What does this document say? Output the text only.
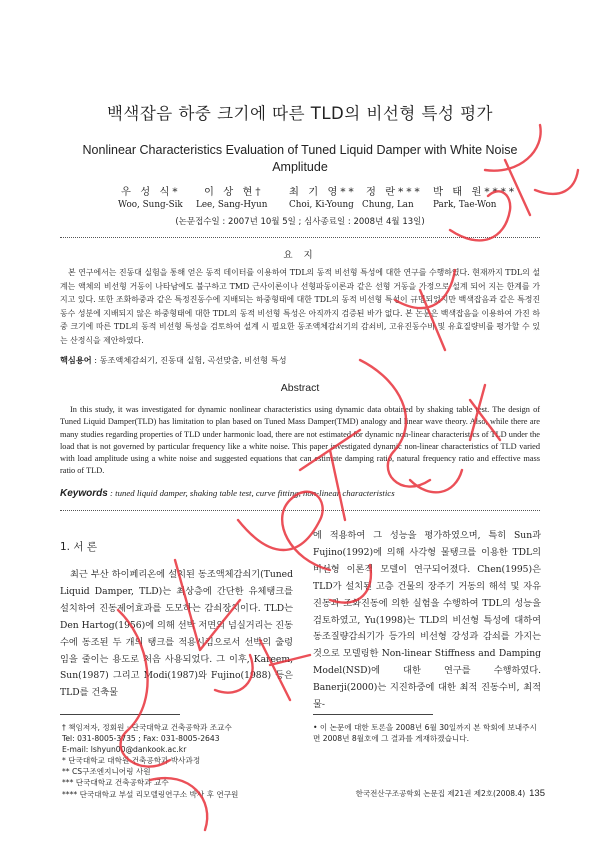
백색잡음 하중 크기에 따른 TLD의 비선형 특성 평가
Nonlinear Characteristics Evaluation of Tuned Liquid Damper with White Noise Amplitude
우 성 식* 이 상 현† 최 기 영** 정 란*** 박 태 원****
Woo, Sung-Sik Lee, Sang-Hyun Choi, Ki-Young Chung, Lan Park, Tae-Won
(논문접수일 : 2007년 10월 5일 ; 심사종료일 : 2008년 4월 13일)
요 지
본 연구에서는 진동대 실험을 통해 얻은 동적 데이터를 이용하여 TDL의 동적 비선형 특성에 대한 연구를 수행하였다. 현재까지 TDL의 설계는 액체의 비선형 거동이 나타남에도 불구하고 TMD 근사이론이나 선형파동이론과 같은 선형 거동을 가정으로 설계 되어 지는 한계를 가지고 있다. 또한 조화하중과 같은 특정진동수에 지배되는 하중형태에 대한 TDL의 동적 비선형 특성이 규명되었지만 백색잡음과 같은 특정진동수 성분에 지배되지 않은 하중형태에 대한 TDL의 동적 비선형 특성은 아직까지 검증된 바가 없다. 본 논문은 백색잡음을 이용하여 가진 하중 크기에 따른 TDL의 동적 비선형 특성을 검토하여 설계 시 필요한 동조액체감쇠기의 감쇠비, 고유진동수비 및 유효질량비를 평가할 수 있는 산정식을 제안하였다.
핵심용어 : 동조액체감쇠기, 진동대 실험, 곡선맞춤, 비선형 특성
Abstract
In this study, it was investigated for dynamic nonlinear characteristics using dynamic data obtained by shaking table test. The design of Tuned Liquid Damper(TLD) has limitation to plan based on Tuned Mass Damper(TMD) analogy and linear wave theory. Also, while there are many studies regarding properties of TLD under harmonic load, there are not estimated for dynamic non-linear characteristics of TLD under the load that is not governed by particular frequency like a white noise. This paper investigated dynamic non-linear characteristics of TLD varied with load amplitude using a white noise and suggested equations that can estimate damping ratio, natural frequency ratio and effective mass ratio of TLD.
Keywords : tuned liquid damper, shaking table test, curve fitting, non-linear characteristics
1. 서 론
최근 부산 하이페리온에 설치된 동조액체감쇠기(Tuned Liquid Damper, TLD)는 최상층에 간단한 유체탱크를 설치하여 진동제어효과를 도모하는 감쇠장치이다. TLD는 Den Hartog(1956)에 의해 선박 저면의 넘실거리는 진동수에 동조된 두 개의 탱크를 적용시킴으로서 선박의 출렁임을 줄이는 용도로 처음 사용되었다. 그 이후, Kareem, Sun(1987) 그리고 Modi(1987)와 Fujino(1988) 등은 TLD를 건축물
에 적용하여 그 성능을 평가하였으며, 특히 Sun과 Fujino(1992)에 의해 사각형 물탱크를 이용한 TDL의 비선형 이론적 모델이 연구되어졌다. Chen(1995)은 TLD가 설치된 고층 건물의 장주기 거동의 해석 및 자유진동과 조화진동에 의한 실험을 수행하여 TDL의 성능을 검토하였고, Yu(1998)는 TLD의 비선형 특성에 대하여 동조질량감쇠기가 등가의 비선형 강성과 감쇠를 가지는 것으로 모델링한 Non-linear Stiffness and Damping Model(NSD)에 대한 연구를 수행하였다. Banerji(2000)는 지진하중에 대한 최적 진동수비, 최적 물-
† 책임저자, 정회원 · 단국대학교 건축공학과 조교수
Tel: 031-8005-3735 ; Fax: 031-8005-2643
E-mail: lshyun00@dankook.ac.kr
* 단국대학교 대학원 건축공학과 박사과정
** CS구조엔지니어링 사원
*** 단국대학교 건축공학과 교수
**** 단국대학교 부설 리모델링연구소 박사 후 연구원
• 이 논문에 대한 토론을 2008년 6월 30일까지 본 학회에 보내주시면 2008년 8월호에 그 결과를 게재하겠습니다.
한국전산구조공학회 논문집 제21권 제2호(2008.4) 135
